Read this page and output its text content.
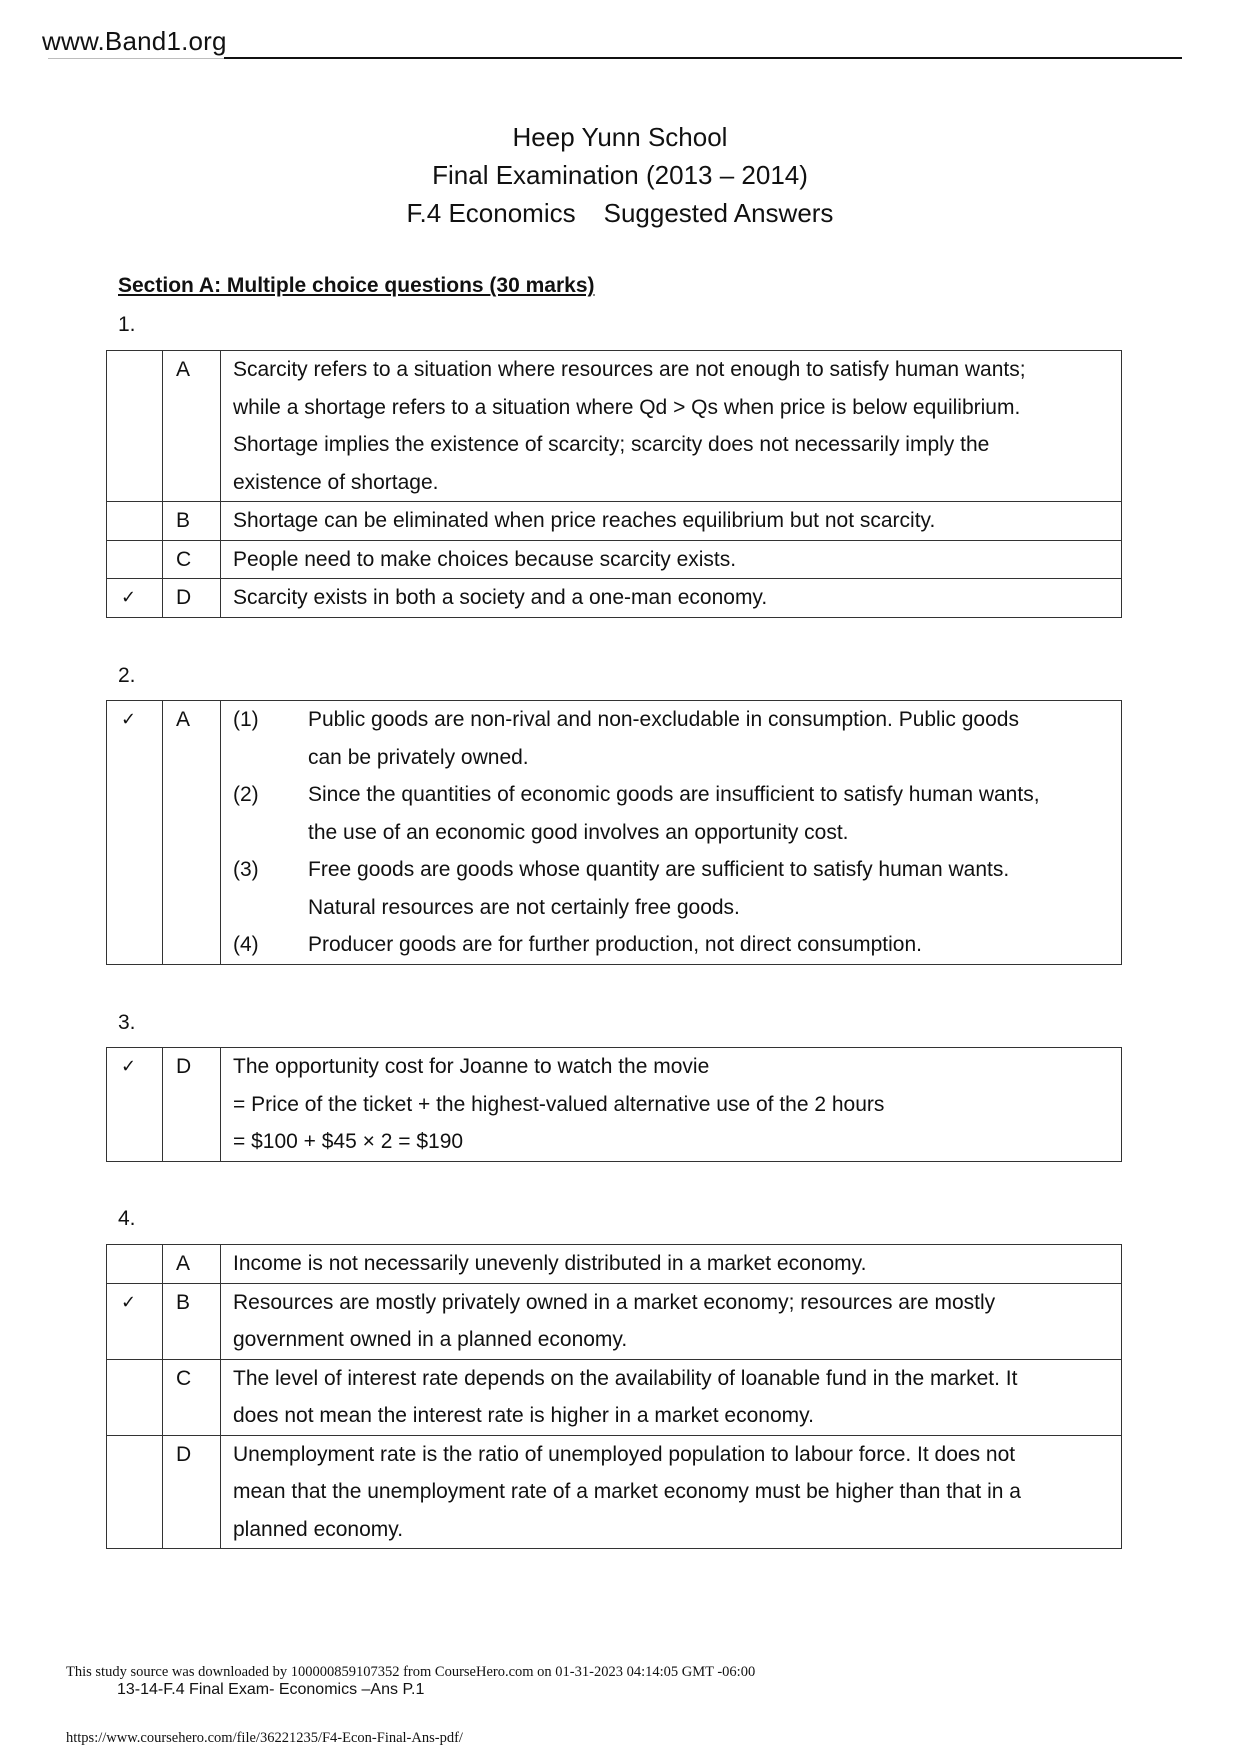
www.Band1.org
Heep Yunn School
Final Examination (2013 – 2014)
F.4 Economics Suggested Answers
Section A: Multiple choice questions (30 marks)
1.
	A	Scarcity refers to a situation where resources are not enough to satisfy human wants;
while a shortage refers to a situation where Qd > Qs when price is below equilibrium.
Shortage implies the existence of scarcity; scarcity does not necessarily imply the
existence of shortage.

	B	Shortage can be eliminated when price reaches equilibrium but not scarcity.

	C	People need to make choices because scarcity exists.

✓	D	Scarcity exists in both a society and a one-man economy.
2.
✓	A	(1)	Public goods are non-rival and non-excludable in consumption. Public goods
can be privately owned.
(2)	Since the quantities of economic goods are insufficient to satisfy human wants,
the use of an economic good involves an opportunity cost.
(3)	Free goods are goods whose quantity are sufficient to satisfy human wants.
Natural resources are not certainly free goods.
(4)	Producer goods are for further production, not direct consumption.
3.
✓	D	The opportunity cost for Joanne to watch the movie
= Price of the ticket + the highest-valued alternative use of the 2 hours
= $100 + $45 × 2 = $190
4.
	A	Income is not necessarily unevenly distributed in a market economy.

✓	B	Resources are mostly privately owned in a market economy; resources are mostly
government owned in a planned economy.

	C	The level of interest rate depends on the availability of loanable fund in the market. It
does not mean the interest rate is higher in a market economy.

	D	Unemployment rate is the ratio of unemployed population to labour force. It does not
mean that the unemployment rate of a market economy must be higher than that in a
planned economy.
This study source was downloaded by 100000859107352 from CourseHero.com on 01-31-2023 04:14:05 GMT -06:00
13-14-F.4 Final Exam- Economics –Ans P.1
https://www.coursehero.com/file/36221235/F4-Econ-Final-Ans-pdf/
